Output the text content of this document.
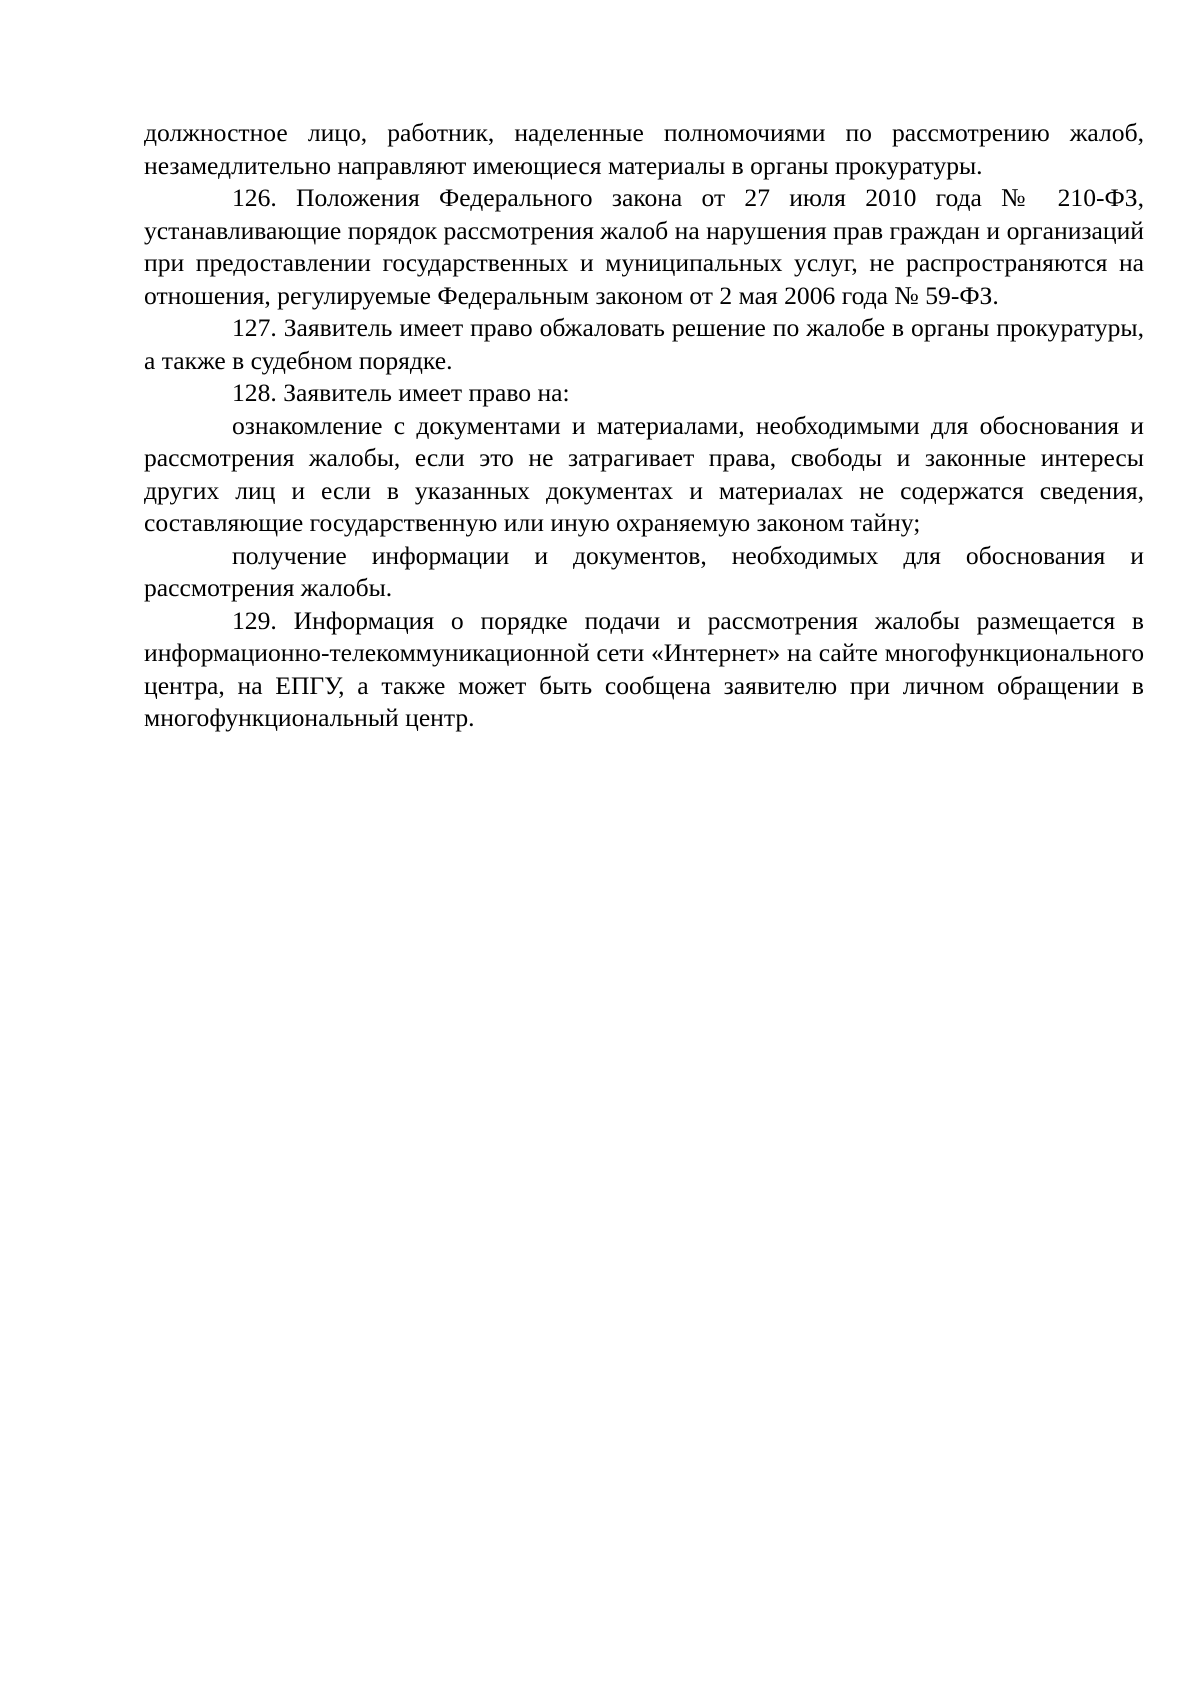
должностное лицо, работник, наделенные полномочиями по рассмотрению жалоб, незамедлительно направляют имеющиеся материалы в органы прокуратуры.

126. Положения Федерального закона от 27 июля 2010 года № 210-ФЗ, устанавливающие порядок рассмотрения жалоб на нарушения прав граждан и организаций при предоставлении государственных и муниципальных услуг, не распространяются на отношения, регулируемые Федеральным законом от 2 мая 2006 года № 59-ФЗ.

127. Заявитель имеет право обжаловать решение по жалобе в органы прокуратуры, а также в судебном порядке.

128. Заявитель имеет право на:

ознакомление с документами и материалами, необходимыми для обоснования и рассмотрения жалобы, если это не затрагивает права, свободы и законные интересы других лиц и если в указанных документах и материалах не содержатся сведения, составляющие государственную или иную охраняемую законом тайну;

получение информации и документов, необходимых для обоснования и рассмотрения жалобы.

129. Информация о порядке подачи и рассмотрения жалобы размещается в информационно-телекоммуникационной сети «Интернет» на сайте многофункционального центра, на ЕПГУ, а также может быть сообщена заявителю при личном обращении в многофункциональный центр.
